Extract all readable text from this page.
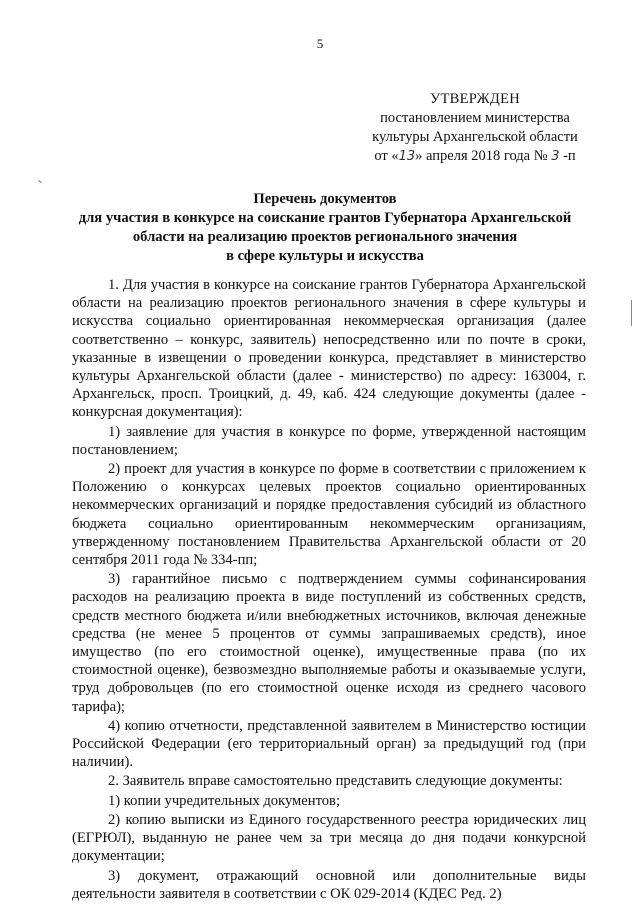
5
УТВЕРЖДЕН
постановлением министерства
культуры Архангельской области
от «13» апреля 2018 года № 3 -п
Перечень документов
для участия в конкурсе на соискание грантов Губернатора Архангельской
области на реализацию проектов регионального значения
в сфере культуры и искусства

1. Для участия в конкурсе на соискание грантов Губернатора Архангельской области на реализацию проектов регионального значения в сфере культуры и искусства социально ориентированная некоммерческая организация (далее соответственно – конкурс, заявитель) непосредственно или по почте в сроки, указанные в извещении о проведении конкурса, представляет в министерство культуры Архангельской области (далее - министерство) по адресу: 163004, г. Архангельск, просп. Троицкий, д. 49, каб. 424 следующие документы (далее - конкурсная документация):

1) заявление для участия в конкурсе по форме, утвержденной настоящим постановлением;

2) проект для участия в конкурсе по форме в соответствии с приложением к Положению о конкурсах целевых проектов социально ориентированных некоммерческих организаций и порядке предоставления субсидий из областного бюджета социально ориентированным некоммерческим организациям, утвержденному постановлением Правительства Архангельской области от 20 сентября 2011 года № 334-пп;

3) гарантийное письмо с подтверждением суммы софинансирования расходов на реализацию проекта в виде поступлений из собственных средств, средств местного бюджета и/или внебюджетных источников, включая денежные средства (не менее 5 процентов от суммы запрашиваемых средств), иное имущество (по его стоимостной оценке), имущественные права (по их стоимостной оценке), безвозмездно выполняемые работы и оказываемые услуги, труд добровольцев (по его стоимостной оценке исходя из среднего часового тарифа);

4) копию отчетности, представленной заявителем в Министерство юстиции Российской Федерации (его территориальный орган) за предыдущий год (при наличии).

2. Заявитель вправе самостоятельно представить следующие документы:

1) копии учредительных документов;

2) копию выписки из Единого государственного реестра юридических лиц (ЕГРЮЛ), выданную не ранее чем за три месяца до дня подачи конкурсной документации;

3) документ, отражающий основной или дополнительные виды деятельности заявителя в соответствии с ОК 029-2014 (КДЕС Ред. 2)
